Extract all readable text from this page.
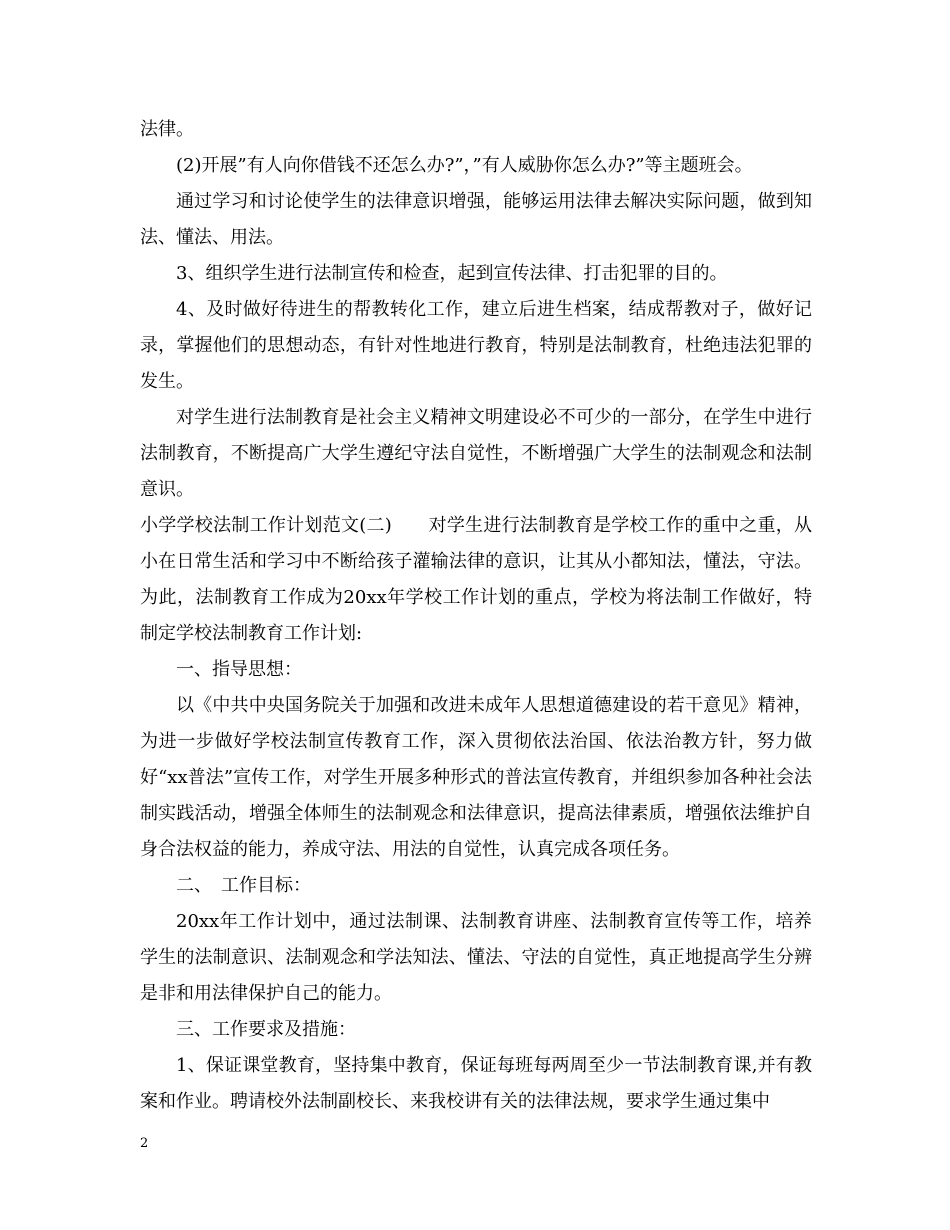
法律。

(2)开展”有人向你借钱不还怎么办?”，”有人威胁你怎么办?”等主题班会。

通过学习和讨论使学生的法律意识增强，能够运用法律去解决实际问题，做到知法、懂法、用法。

3、组织学生进行法制宣传和检查，起到宣传法律、打击犯罪的目的。

4、及时做好待进生的帮教转化工作，建立后进生档案，结成帮教对子，做好记录，掌握他们的思想动态，有针对性地进行教育，特别是法制教育，杜绝违法犯罪的发生。

对学生进行法制教育是社会主义精神文明建设必不可少的一部分，在学生中进行法制教育，不断提高广大学生遵纪守法自觉性，不断增强广大学生的法制观念和法制意识。

小学学校法制工作计划范文(二)　　对学生进行法制教育是学校工作的重中之重，从小在日常生活和学习中不断给孩子灌输法律的意识，让其从小都知法，懂法，守法。为此，法制教育工作成为20xx年学校工作计划的重点，学校为将法制工作做好，特制定学校法制教育工作计划:

一、指导思想：

以《中共中央国务院关于加强和改进未成年人思想道德建设的若干意见》精神，为进一步做好学校法制宣传教育工作，深入贯彻依法治国、依法治教方针，努力做好“xx普法”宣传工作，对学生开展多种形式的普法宣传教育，并组织参加各种社会法制实践活动，增强全体师生的法制观念和法律意识，提高法律素质，增强依法维护自身合法权益的能力，养成守法、用法的自觉性，认真完成各项任务。

二、　工作目标：

20xx年工作计划中，通过法制课、法制教育讲座、法制教育宣传等工作，培养学生的法制意识、法制观念和学法知法、懂法、守法的自觉性，真正地提高学生分辨是非和用法律保护自己的能力。

三、工作要求及措施：

1、保证课堂教育，坚持集中教育，保证每班每两周至少一节法制教育课,并有教案和作业。聘请校外法制副校长、来我校讲有关的法律法规，要求学生通过集中

2
